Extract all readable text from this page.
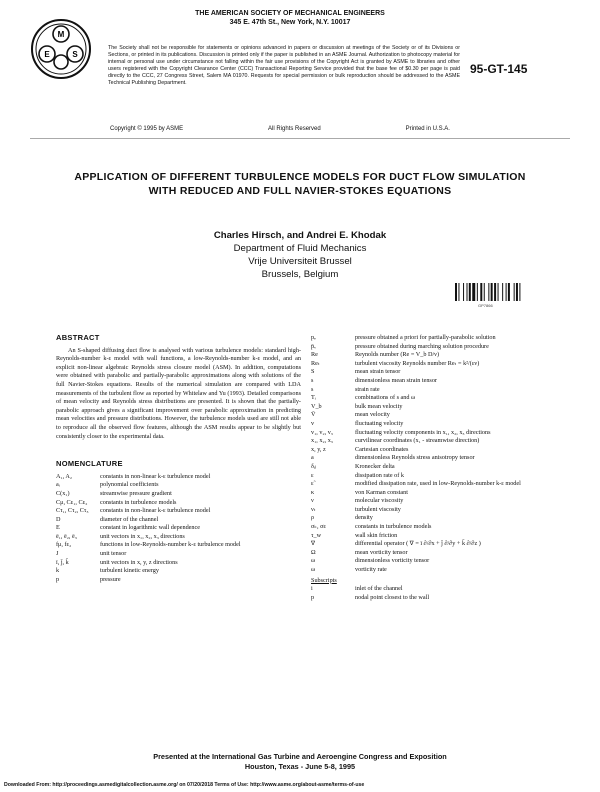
M
E	S
THE AMERICAN SOCIETY OF MECHANICAL ENGINEERS
345 E. 47th St., New York, N.Y. 10017
95-GT-145
The Society shall not be responsible for statements or opinions advanced in papers or discussion at meetings of the Society or of its Divisions or Sections, or printed in its publications. Discussion is printed only if the paper is published in an ASME Journal. Authorization to photocopy material for internal or personal use under circumstance not falling within the fair use provisions of the Copyright Act is granted by ASME to libraries and other users registered with the Copyright Clearance Center (CCC) Transactional Reporting Service provided that the base fee of $0.30 per page is paid directly to the CCC, 27 Congress Street, Salem MA 01970. Requests for special permission or bulk reproduction should be addressed to the ASME Technical Publishing Department.
Copyright © 1995 by ASME	All Rights Reserved	Printed in U.S.A.
APPLICATION OF DIFFERENT TURBULENCE MODELS FOR DUCT FLOW SIMULATION WITH REDUCED AND FULL NAVIER-STOKES EQUATIONS
Charles Hirsch, and Andrei E. Khodak
Department of Fluid Mechanics
Vrije Universiteit Brussel
Brussels, Belgium
GP7866
ABSTRACT

An S-shaped diffusing duct flow is analysed with various turbulence models: standard high-Reynolds-number k-ε model with wall functions, a low-Reynolds-number k-ε model, and an explicit non-linear algebraic Reynolds stress closure model (ASM). In addition, computations were obtained with parabolic and partially-parabolic approximations along with solutions of the full Navier-Stokes equations. Results of the numerical simulation are compared with LDA measurements of the turbulent flow as reported by Whitelaw and Yu (1993). Detailed comparisons of mean velocity and Reynolds stress distributions are presented. It is shown that the partially-parabolic approach gives a significant improvement over parabolic approximation in predicting mean velocities and pressure distributions. However, the turbulence models used are still not able to reproduce all the observed flow features, although the ASM results appear to be slightly but consistently closer to the experimental data.

NOMENCLATURE
A₁, A₂	constants in non-linear k-ε turbulence model
aᵢ	polynomial coefficients
C(x₁)	streamwise pressure gradient
Cμ, Cε₁, Cε₂	constants in turbulence models
Cτ₁, Cτ₂, Cτ₃	constants in non-linear k-ε turbulence model
D	diameter of the channel
E	constant in logarithmic wall dependence
ē₁, ē₂, ē₃	unit vectors in x₁, x₂, x₃ directions
fμ, fε₂	functions in low-Reynolds-number k-ε turbulence model
J	unit tensor
ī, j̄, k̄	unit vectors in x, y, z directions
k	turbulent kinetic energy
p	pressure
pₑ	pressure obtained a priori for partially-parabolic solution
p̄ᵥ	pressure obtained during marching solution procedure
Re	Reynolds number (Re = V_b D/ν)
Reₜ	turbulent viscosity Reynolds number Reₜ = k²/(εν)
S	mean strain tensor
s	dimensionless mean strain tensor
s	strain rate
Tᵢ	combinations of s and ω
V_b	bulk mean velocity
V̄	mean velocity
v	fluctuating velocity
v₁, v₂, v₃	fluctuating velocity components in x₁, x₂, x₃ directions
x₁, x₂, x₃	curvilinear coordinates (x₁ - streamwise direction)
x, y, z	Cartesian coordinates
a	dimensionless Reynolds stress anisotropy tensor
δᵢⱼ	Kronecker delta
ε	dissipation rate of k
ε̃	modified dissipation rate, used in low-Reynolds-number k-ε model
κ	von Karman constant
ν	molecular viscosity
νₜ	turbulent viscosity
ρ	density
σₖ, σε	constants in turbulence models
τ_w	wall skin friction
∇	differential operator ( ∇ = ī ∂/∂x + j̄ ∂/∂y + k̄ ∂/∂z )
Ω	mean vorticity tensor
ω	dimensionless vorticity tensor
ω	vorticity rate
Subscripts
i	inlet of the channel
p	nodal point closest to the wall
Presented at the International Gas Turbine and Aeroengine Congress and Exposition
Houston, Texas - June 5-8, 1995
Downloaded From: http://proceedings.asmedigitalcollection.asme.org/ on 07/20/2018 Terms of Use: http://www.asme.org/about-asme/terms-of-use
